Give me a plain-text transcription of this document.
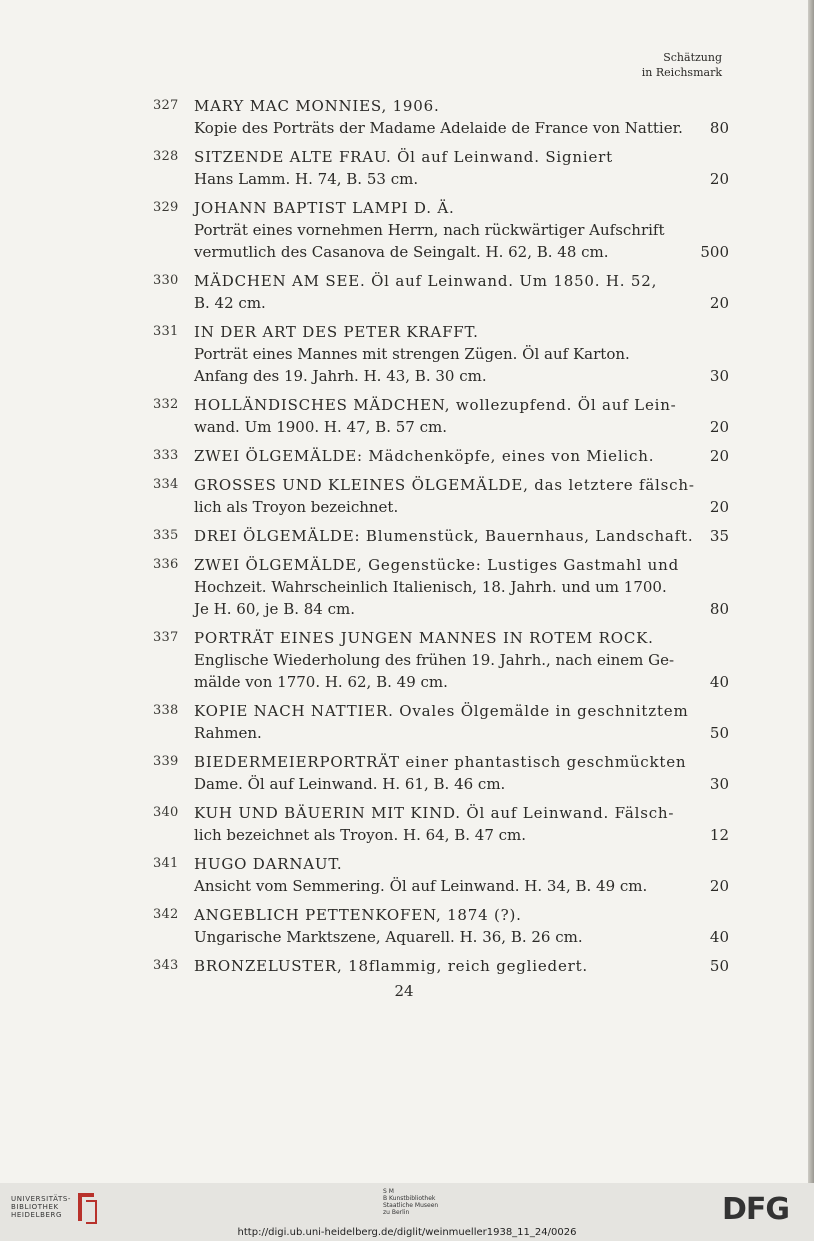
Schätzung
in Reichsmark
327	MARY MAC MONNIES, 1906.
Kopie des Porträts der Madame Adelaide de France von Nattier. 80
328	SITZENDE ALTE FRAU. Öl auf Leinwand. Signiert
Hans Lamm. H. 74, B. 53 cm.	20
329	JOHANN BAPTIST LAMPI D. Ä.
Porträt eines vornehmen Herrn, nach rückwärtiger Aufschrift
vermutlich des Casanova de Seingalt. H. 62, B. 48 cm.	500
330	MÄDCHEN AM SEE. Öl auf Leinwand. Um 1850. H. 52,
B. 42 cm.	20
331	IN DER ART DES PETER KRAFFT.
Porträt eines Mannes mit strengen Zügen. Öl auf Karton.
Anfang des 19. Jahrh. H. 43, B. 30 cm.	30
332	HOLLÄNDISCHES MÄDCHEN, wollezupfend. Öl auf Lein-
wand. Um 1900. H. 47, B. 57 cm.	20
333	ZWEI ÖLGEMÄLDE: Mädchenköpfe, eines von Mielich.	20
334	GROSSES UND KLEINES ÖLGEMÄLDE, das letztere fälsch-
lich als Troyon bezeichnet.	20
335	DREI ÖLGEMÄLDE: Blumenstück, Bauernhaus, Landschaft. 35
336	ZWEI ÖLGEMÄLDE, Gegenstücke: Lustiges Gastmahl und
Hochzeit. Wahrscheinlich Italienisch, 18. Jahrh. und um 1700.
Je H. 60, je B. 84 cm.	80
337	PORTRÄT EINES JUNGEN MANNES IN ROTEM ROCK.
Englische Wiederholung des frühen 19. Jahrh., nach einem Ge-
mälde von 1770. H. 62, B. 49 cm.	40
338	KOPIE NACH NATTIER. Ovales Ölgemälde in geschnitztem
Rahmen.	50
339	BIEDERMEIERPORTRÄT einer phantastisch geschmückten
Dame. Öl auf Leinwand. H. 61, B. 46 cm.	30
340	KUH UND BÄUERIN MIT KIND. Öl auf Leinwand. Fälsch-
lich bezeichnet als Troyon. H. 64, B. 47 cm.	12
341	HUGO DARNAUT.
Ansicht vom Semmering. Öl auf Leinwand. H. 34, B. 49 cm.	20
342	ANGEBLICH PETTENKOFEN, 1874 (?).
Ungarische Marktszene, Aquarell. H. 36, B. 26 cm.	40
343	BRONZELUSTER, 18flammig, reich gegliedert.	50
24
UNIVERSITÄTS-
BIBLIOTHEK
HEIDELBERG
S M
B Kunstbibliothek
Staatliche Museen
zu Berlin	DFG
http://digi.ub.uni-heidelberg.de/diglit/weinmueller1938_11_24/0026
